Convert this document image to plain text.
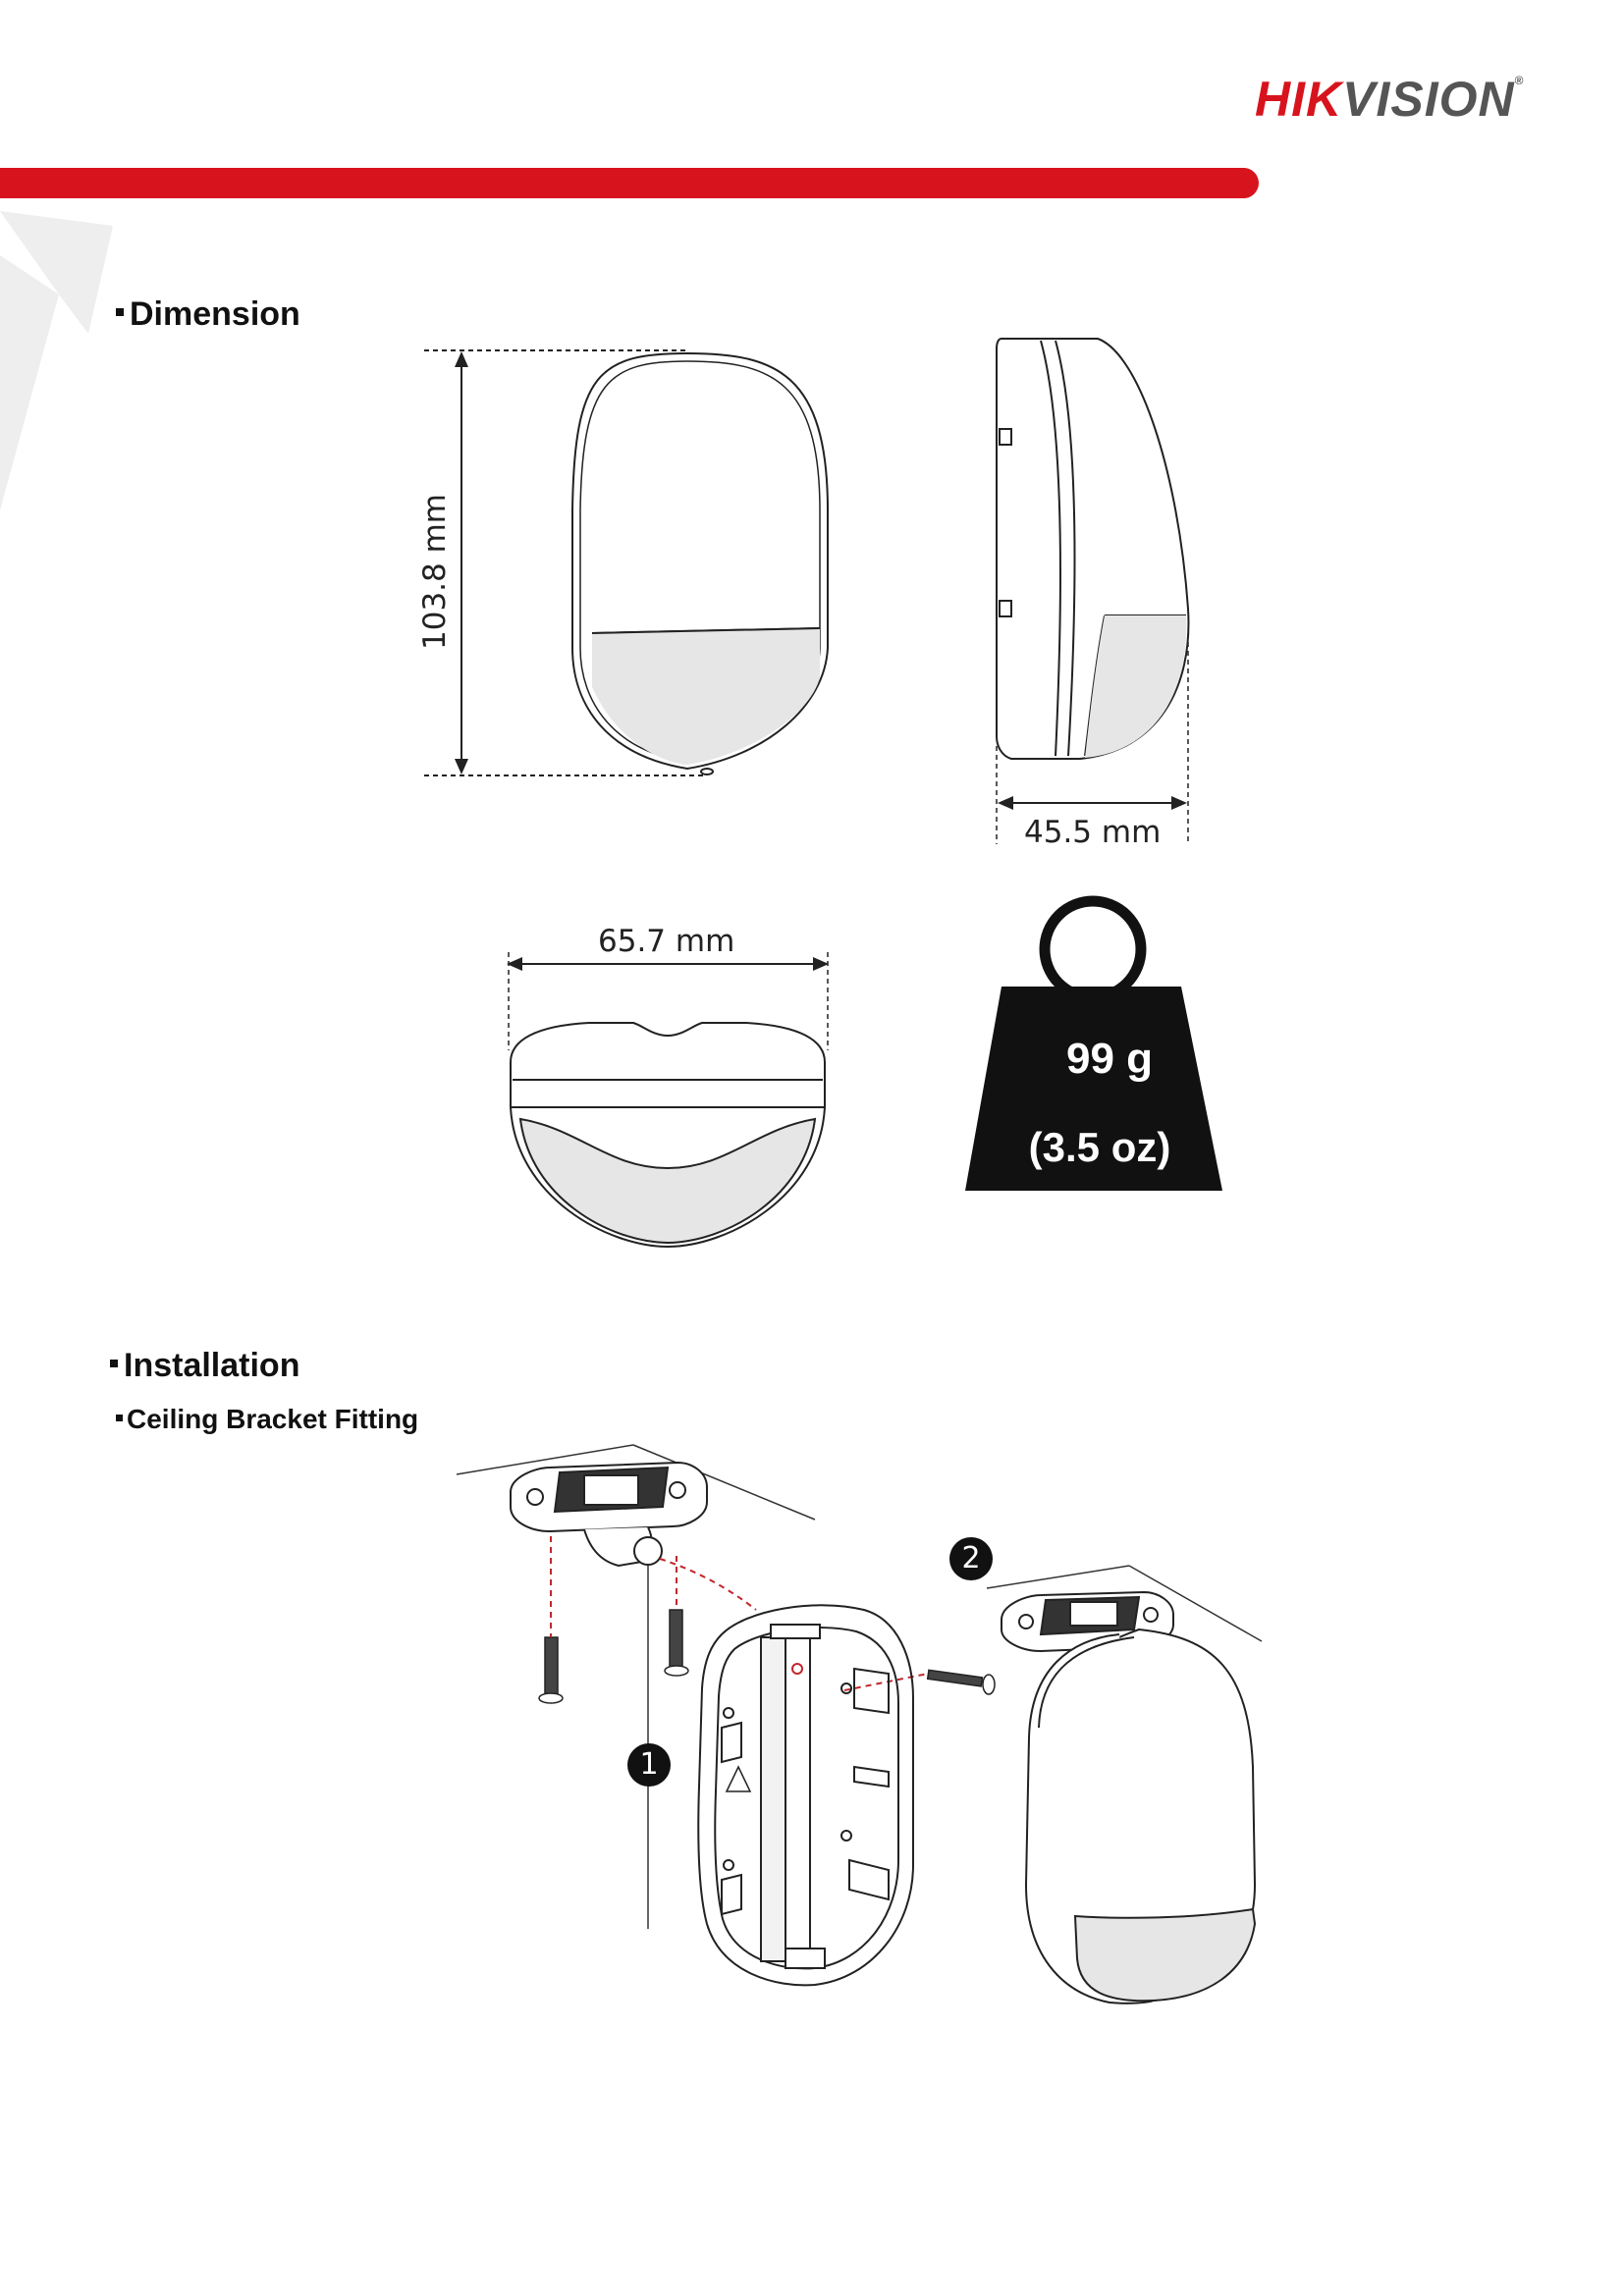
HIKVISION®
Dimension
103.8 mm
45.5 mm
65.7 mm
99 g
(3.5 oz)
Installation
Ceiling Bracket Fitting
1
2
